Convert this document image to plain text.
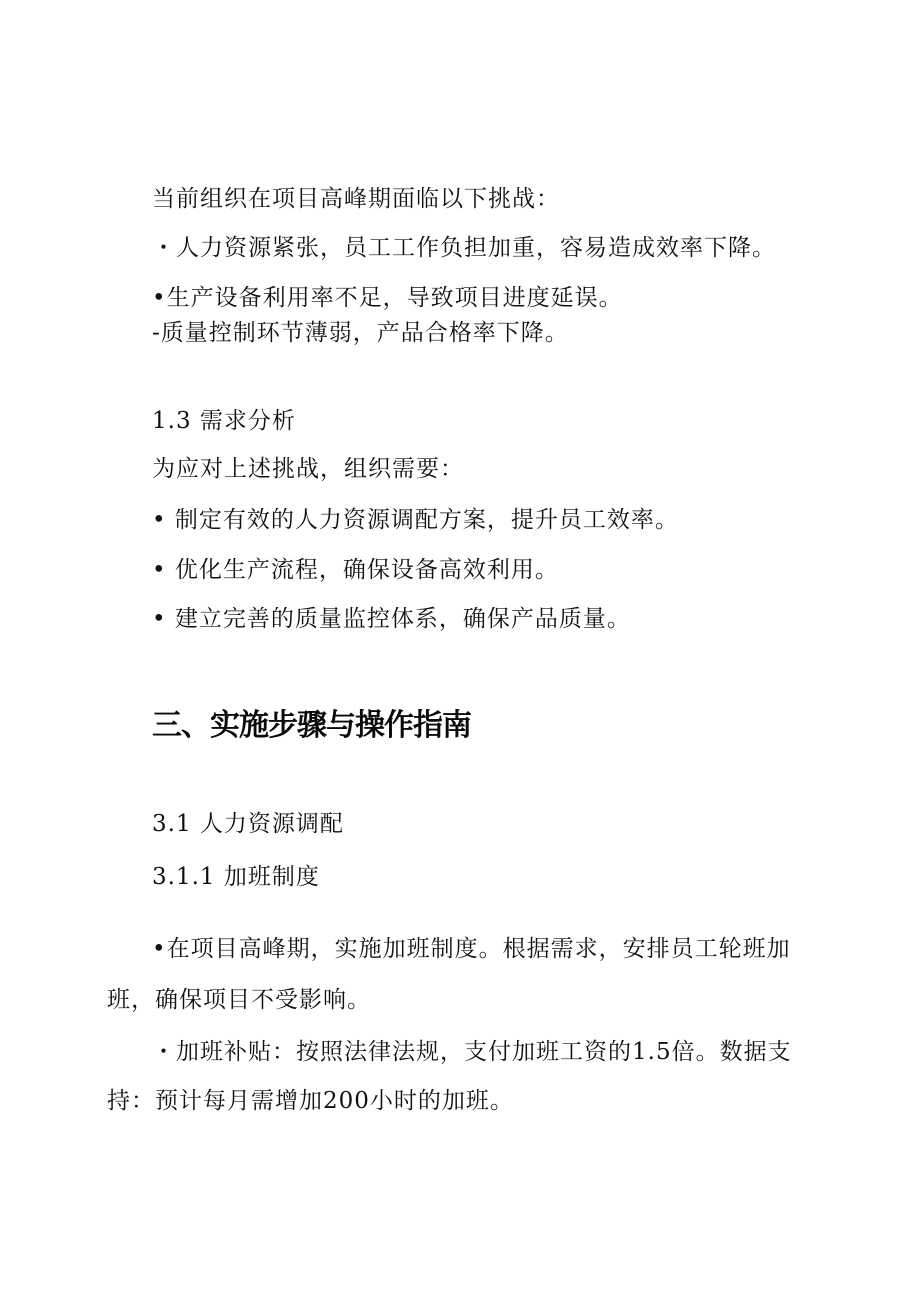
当前组织在项目高峰期面临以下挑战：
・人力资源紧张，员工工作负担加重，容易造成效率下降。
•生产设备利用率不足，导致项目进度延误。
-质量控制环节薄弱，产品合格率下降。
1.3 需求分析
为应对上述挑战，组织需要：
• 制定有效的人力资源调配方案，提升员工效率。
• 优化生产流程，确保设备高效利用。
• 建立完善的质量监控体系，确保产品质量。
三、实施步骤与操作指南
3.1 人力资源调配
3.1.1 加班制度
•在项目高峰期，实施加班制度。根据需求，安排员工轮班加
班，确保项目不受影响。
・加班补贴：按照法律法规，支付加班工资的1.5倍。数据支
持：预计每月需增加200小时的加班。
